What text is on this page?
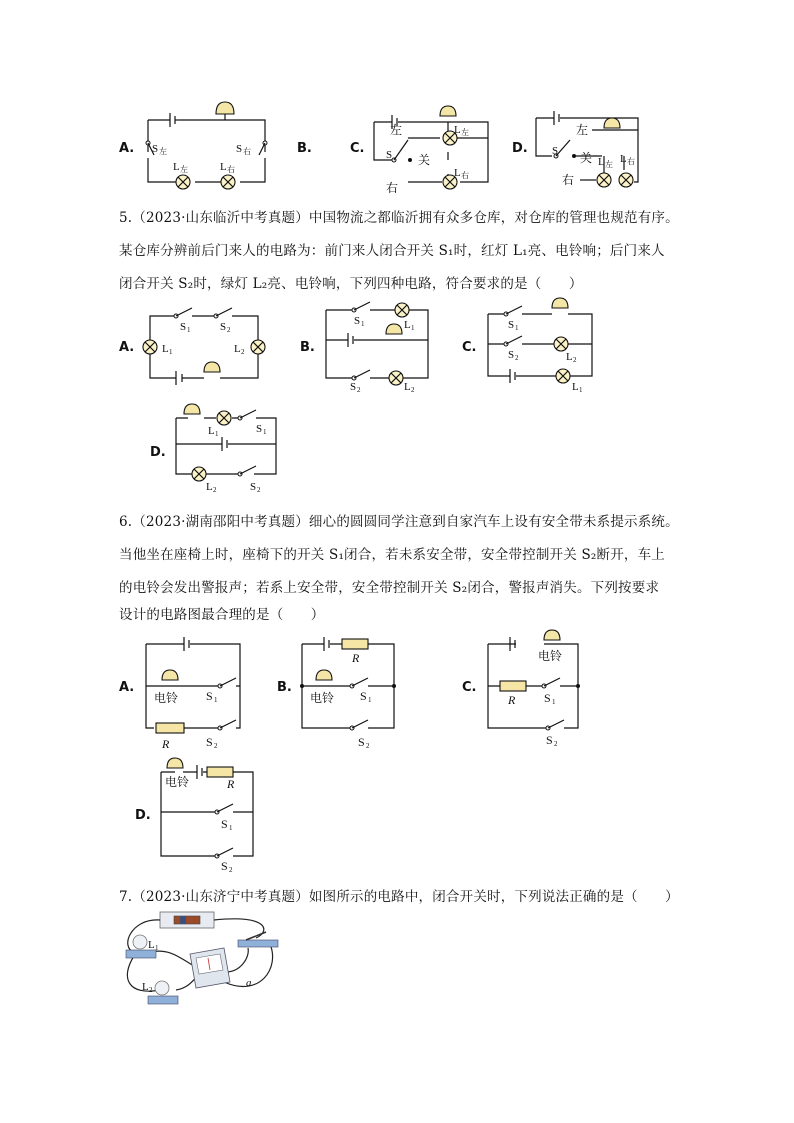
A. S 左	S 右
L 左	L 右
B.	C.
左
右
关
S
L 左
L 右
D.
左
右
关
S
L 左 L 右
5.（2023·山东临沂中考真题）中国物流之都临沂拥有众多仓库，对仓库的管理也规范有序。
某仓库分辨前后门来人的电路为：前门来人闭合开关 S₁时，红灯 L₁亮、电铃响；后门来人
闭合开关 S₂时，绿灯 L₂亮、电铃响，下列四种电路，符合要求的是（　　）
A.
S 1	S 2
L 1	L 2	B.
S 1	L 1
S 2	L 2
C.
S 1
S 2	L 2
L 1
D.
L 1	S 1
L 2	S 2
6.（2023·湖南邵阳中考真题）细心的圆圆同学注意到自家汽车上设有安全带未系提示系统。
当他坐在座椅上时，座椅下的开关 S₁闭合，若未系安全带，安全带控制开关 S₂断开，车上
的电铃会发出警报声；若系上安全带，安全带控制开关 S₂闭合，警报声消失。下列按要求
设计的电路图最合理的是（　　）
A.
电铃 S 1
R	S 2
B.
R
电铃 S 1
S 2
C.
电铃
R S 1
S 2
D.
电铃	R
S 1
S 2
7.（2023·山东济宁中考真题）如图所示的电路中，闭合开关时，下列说法正确的是（　　）
L 1
L 2
a
